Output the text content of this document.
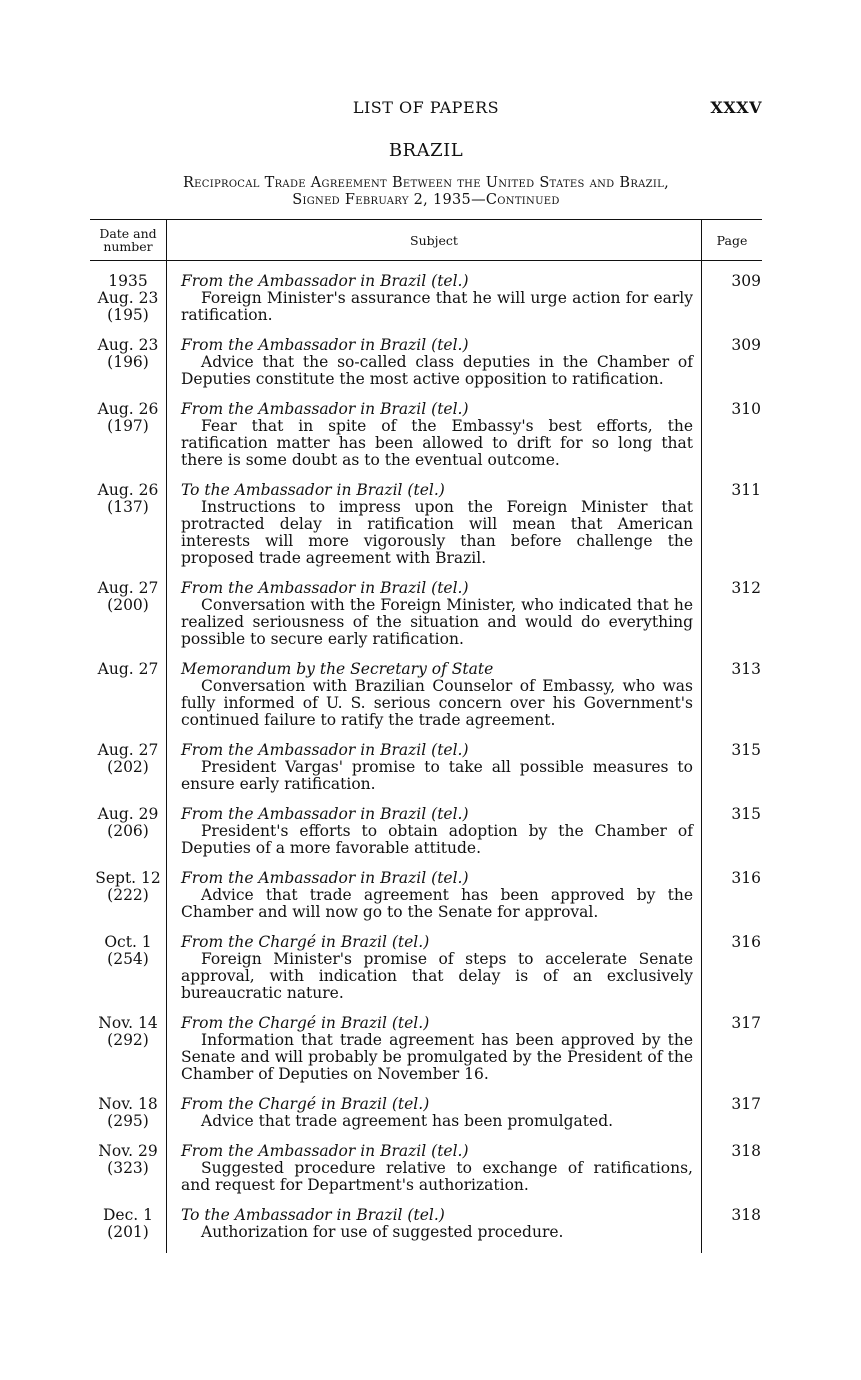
LIST OF PAPERS	XXXV
BRAZIL
Reciprocal Trade Agreement Between the United States and Brazil,
Signed February 2, 1935—Continued
Date and number	Subject	Page

1935
Aug. 23
(195)	From the Ambassador in Brazil (tel.)
Foreign Minister's assurance that he will urge action for early ratification.	309

Aug. 23
(196)	From the Ambassador in Brazil (tel.)
Advice that the so-called class deputies in the Chamber of Deputies constitute the most active opposition to ratification.	309

Aug. 26
(197)	From the Ambassador in Brazil (tel.)
Fear that in spite of the Embassy's best efforts, the ratification matter has been allowed to drift for so long that there is some doubt as to the eventual outcome.	310

Aug. 26
(137)	To the Ambassador in Brazil (tel.)
Instructions to impress upon the Foreign Minister that protracted delay in ratification will mean that American interests will more vigorously than before challenge the proposed trade agreement with Brazil.	311

Aug. 27
(200)	From the Ambassador in Brazil (tel.)
Conversation with the Foreign Minister, who indicated that he realized seriousness of the situation and would do everything possible to secure early ratification.	312

Aug. 27	Memorandum by the Secretary of State
Conversation with Brazilian Counselor of Embassy, who was fully informed of U. S. serious concern over his Government's continued failure to ratify the trade agreement.	313

Aug. 27
(202)	From the Ambassador in Brazil (tel.)
President Vargas' promise to take all possible measures to ensure early ratification.	315

Aug. 29
(206)	From the Ambassador in Brazil (tel.)
President's efforts to obtain adoption by the Chamber of Deputies of a more favorable attitude.	315

Sept. 12
(222)	From the Ambassador in Brazil (tel.)
Advice that trade agreement has been approved by the Chamber and will now go to the Senate for approval.	316

Oct. 1
(254)	From the Chargé in Brazil (tel.)
Foreign Minister's promise of steps to accelerate Senate approval, with indication that delay is of an exclusively bureaucratic nature.	316

Nov. 14
(292)	From the Chargé in Brazil (tel.)
Information that trade agreement has been approved by the Senate and will probably be promulgated by the President of the Chamber of Deputies on November 16.	317

Nov. 18
(295)	From the Chargé in Brazil (tel.)
Advice that trade agreement has been promulgated.	317

Nov. 29
(323)	From the Ambassador in Brazil (tel.)
Suggested procedure relative to exchange of ratifications, and request for Department's authorization.	318

Dec. 1
(201)	To the Ambassador in Brazil (tel.)
Authorization for use of suggested procedure.	318
